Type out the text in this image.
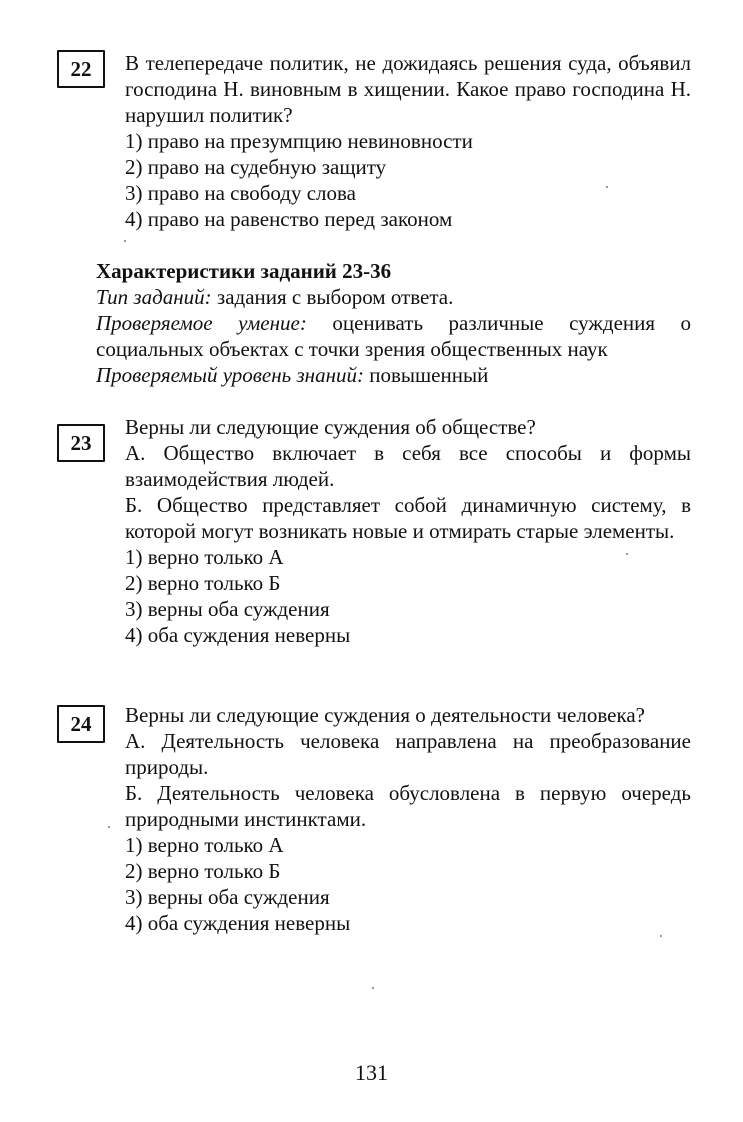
22 В телепередаче политик, не дожидаясь решения суда, объявил господина Н. виновным в хищении. Какое право господина Н. нарушил политик?

1) право на презумпцию невиновности

2) право на судебную защиту

3) право на свободу слова

4) право на равенство перед законом

Характеристики заданий 23-36

Тип заданий: задания с выбором ответа.

Проверяемое умение: оценивать различные суждения о социальных объектах с точки зрения общественных наук

Проверяемый уровень знаний: повышенный

23

Верны ли следующие суждения об обществе?

А. Общество включает в себя все способы и формы взаимодействия людей.

Б. Общество представляет собой динамичную систему, в которой могут возникать новые и отмирать старые элементы.

1) верно только А

2) верно только Б

3) верны оба суждения

4) оба суждения неверны

24 Верны ли следующие суждения о деятельности человека?

А. Деятельность человека направлена на преобразование природы.

Б. Деятельность человека обусловлена в первую очередь природными инстинктами.

1) верно только А

2) верно только Б

3) верны оба суждения

4) оба суждения неверны

131
